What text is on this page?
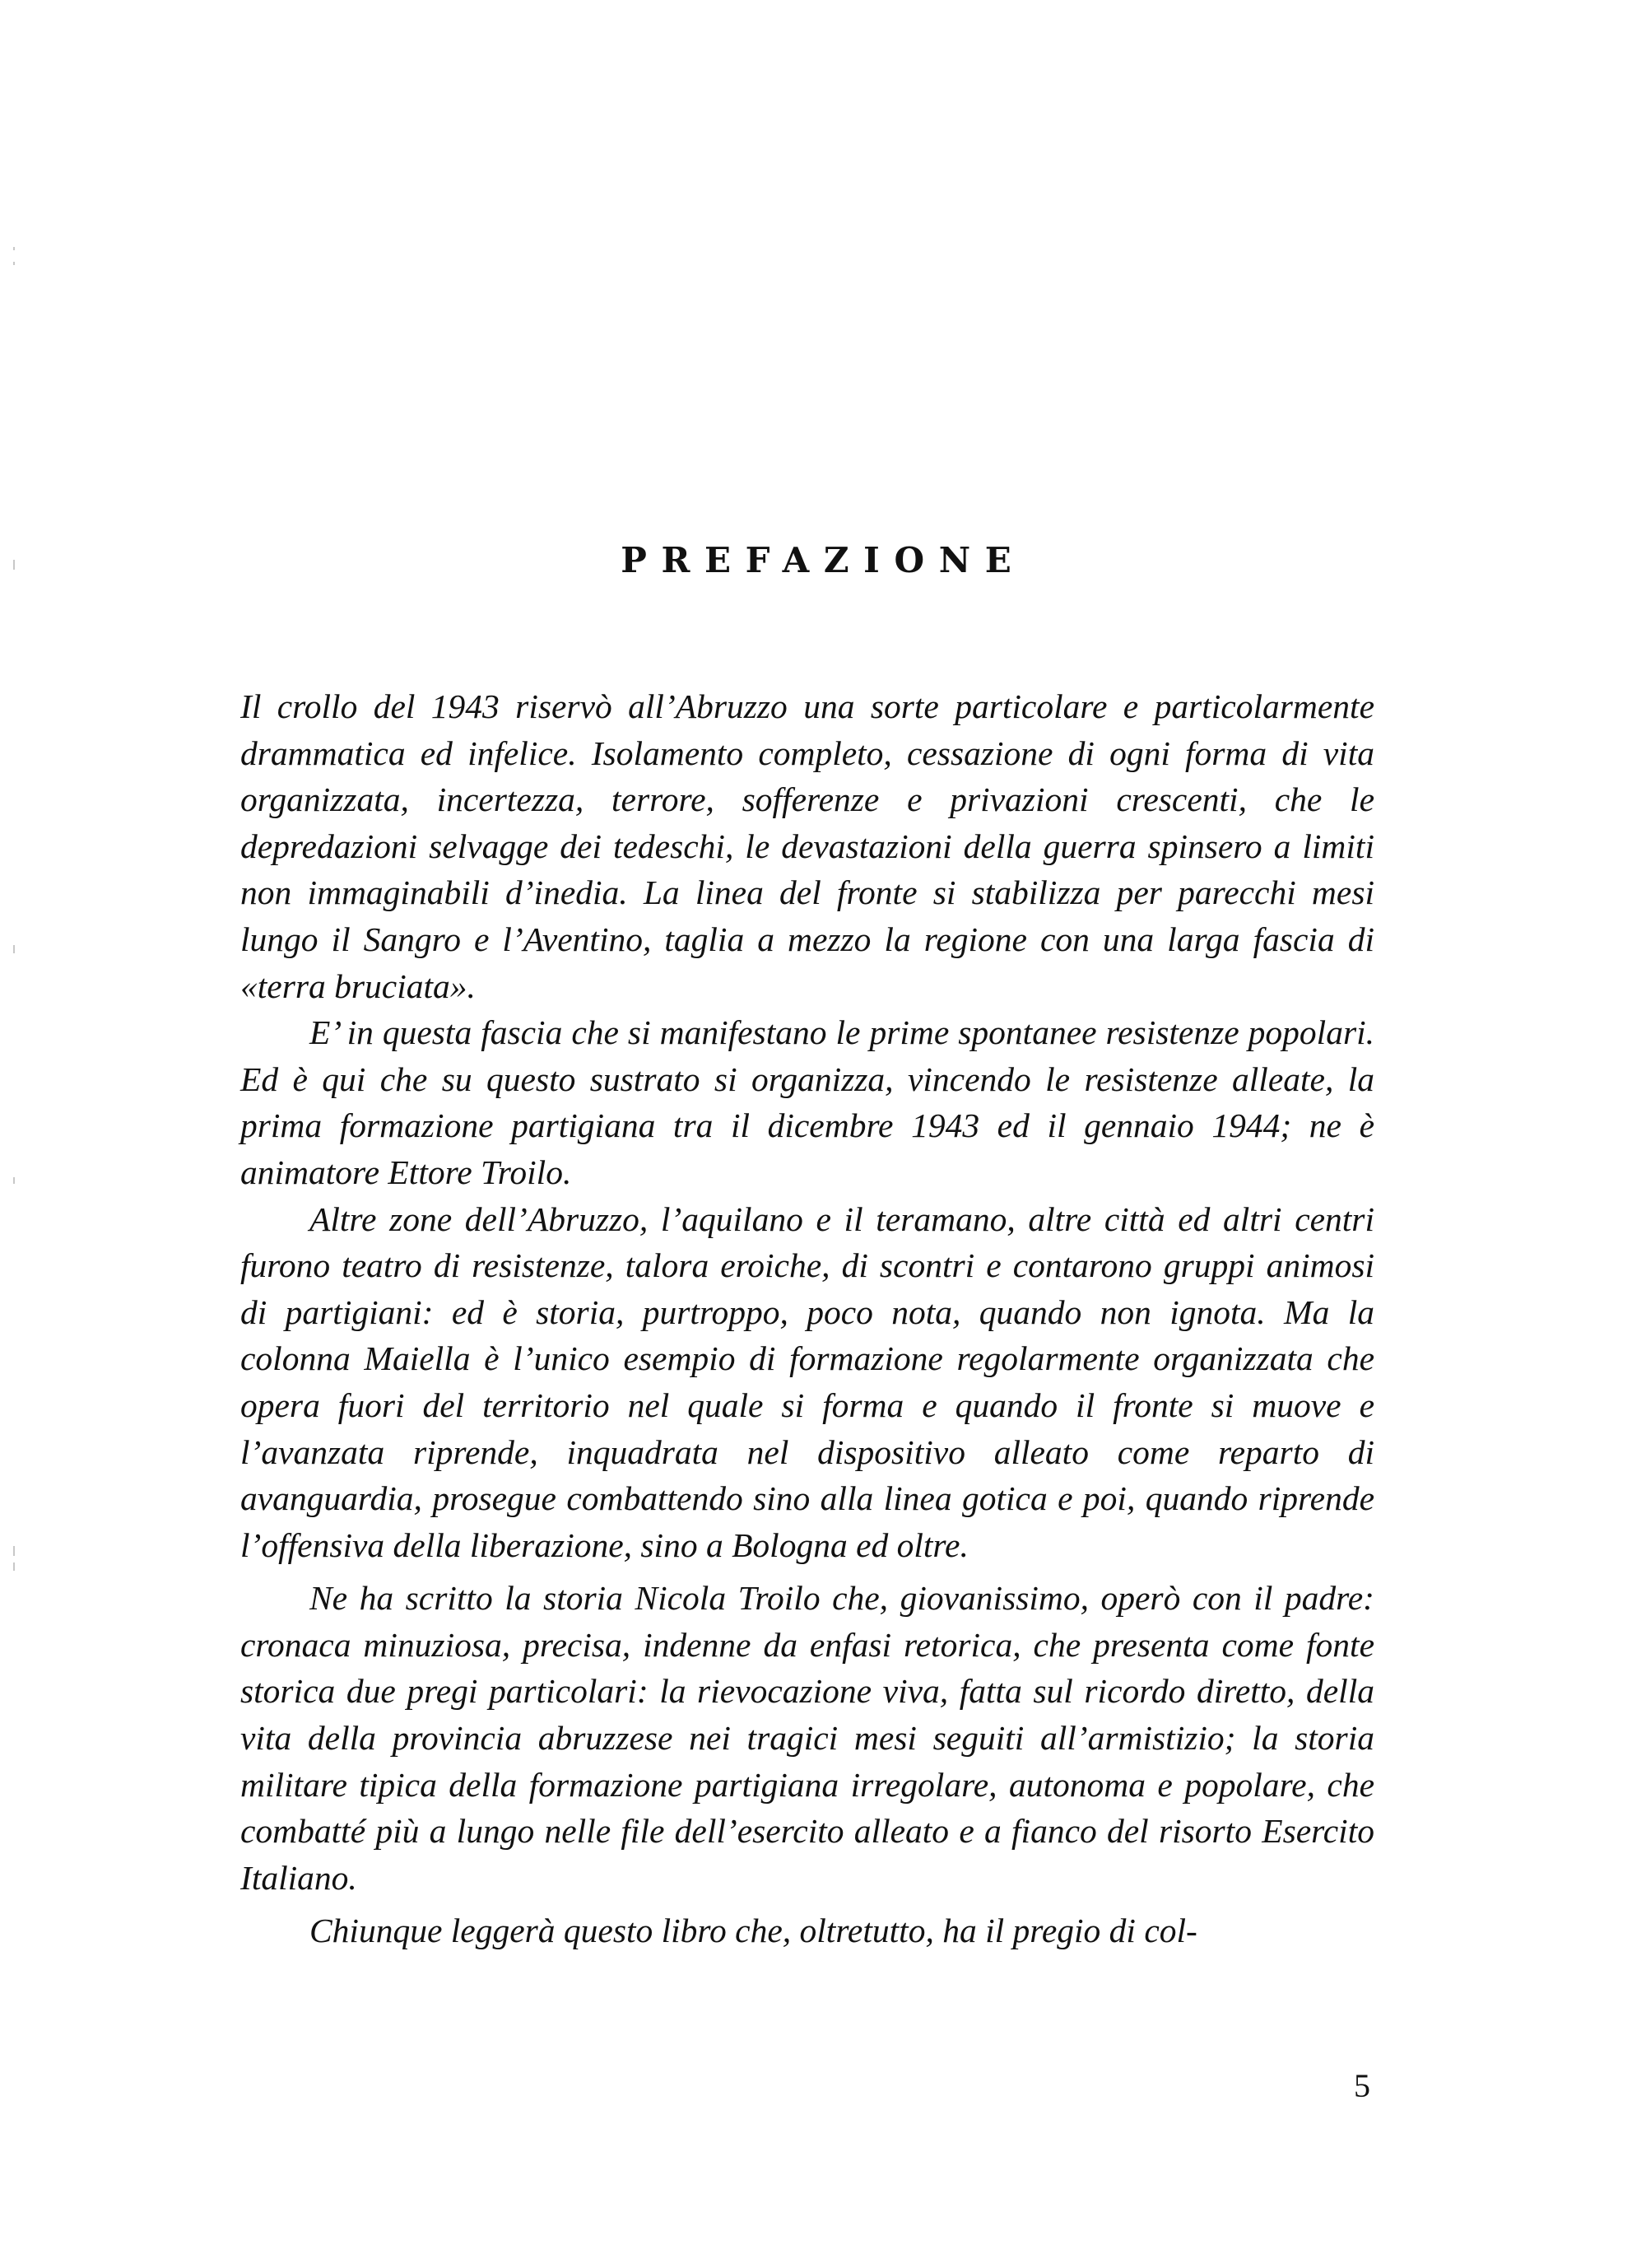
PREFAZIONE

Il crollo del 1943 riservò all’Abruzzo una sorte particolare e particolarmente drammatica ed infelice. Isolamento completo, cessazione di ogni forma di vita organizzata, incertezza, terrore, sofferenze e privazioni crescenti, che le depredazioni selvagge dei tedeschi, le devastazioni della guerra spinsero a limiti non immaginabili d’inedia. La linea del fronte si stabilizza per parecchi mesi lungo il Sangro e l’Aventino, taglia a mezzo la regione con una larga fascia di «terra bruciata».

E’ in questa fascia che si manifestano le prime spontanee resistenze popolari. Ed è qui che su questo sustrato si organizza, vincendo le resistenze alleate, la prima formazione partigiana tra il dicembre 1943 ed il gennaio 1944; ne è animatore Ettore Troilo.

Altre zone dell’Abruzzo, l’aquilano e il teramano, altre città ed altri centri furono teatro di resistenze, talora eroiche, di scontri e contarono gruppi animosi di partigiani: ed è storia, purtroppo, poco nota, quando non ignota. Ma la colonna Maiella è l’unico esempio di formazione regolarmente organizzata che opera fuori del territorio nel quale si forma e quando il fronte si muove e l’avanzata riprende, inquadrata nel dispositivo alleato come reparto di avanguardia, prosegue combattendo sino alla linea gotica e poi, quando riprende l’offensiva della liberazione, sino a Bologna ed oltre.

Ne ha scritto la storia Nicola Troilo che, giovanissimo, operò con il padre: cronaca minuziosa, precisa, indenne da enfasi retorica, che presenta come fonte storica due pregi particolari: la rievocazione viva, fatta sul ricordo diretto, della vita della provincia abruzzese nei tragici mesi seguiti all’armistizio; la storia militare tipica della formazione partigiana irregolare, autonoma e popolare, che combatté più a lungo nelle file dell’esercito alleato e a fianco del risorto Esercito Italiano.

Chiunque leggerà questo libro che, oltretutto, ha il pregio di col-

5
